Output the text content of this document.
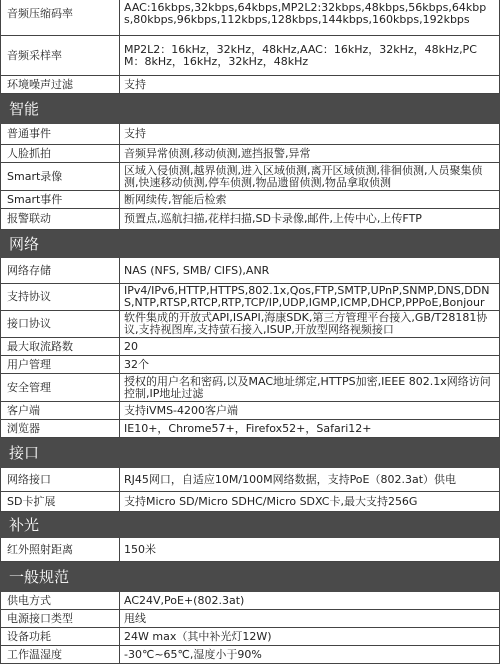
音频压缩码率	AAC:16kbps,32kbps,64kbps,MP2L2:32kbps,48kbps,56kbps,64kbps,80kbps,96kbps,112kbps,128kbps,144kbps,160kbps,192kbps
音频采样率	MP2L2：16kHz，32kHz，48kHz,AAC：16kHz，32kHz，48kHz,PCM：8kHz，16kHz，32kHz，48kHz
环境噪声过滤	支持
智能	
普通事件	支持
人脸抓拍	音频异常侦测,移动侦测,遮挡报警,异常
Smart录像	区域入侵侦测,越界侦测,进入区域侦测,离开区域侦测,徘徊侦测,人员聚集侦测,快速移动侦测,停车侦测,物品遗留侦测,物品拿取侦测
Smart事件	断网续传,智能后检索
报警联动	预置点,巡航扫描,花样扫描,SD卡录像,邮件,上传中心,上传FTP
网络	
网络存储	NAS (NFS, SMB/ CIFS),ANR
支持协议	IPv4/IPv6,HTTP,HTTPS,802.1x,Qos,FTP,SMTP,UPnP,SNMP,DNS,DDNS,NTP,RTSP,RTCP,RTP,TCP/IP,UDP,IGMP,ICMP,DHCP,PPPoE,Bonjour
接口协议	软件集成的开放式API,ISAPI,海康SDK,第三方管理平台接入,GB/T28181协议,支持视图库,支持萤石接入,ISUP,开放型网络视频接口
最大取流路数	20
用户管理	32个
安全管理	授权的用户名和密码,以及MAC地址绑定,HTTPS加密,IEEE 802.1x网络访问控制,IP地址过滤
客户端	支持iVMS-4200客户端
浏览器	IE10+，Chrome57+，Firefox52+，Safari12+
接口	
网络接口	RJ45网口，自适应10M/100M网络数据，支持PoE（802.3at）供电
SD卡扩展	支持Micro SD/Micro SDHC/Micro SDXC卡,最大支持256G
补光	
红外照射距离	150米
一般规范	
供电方式	AC24V,PoE+(802.3at)
电源接口类型	甩线
设备功耗	24W max（其中补光灯12W)
工作温湿度	-30℃~65℃,湿度小于90%
